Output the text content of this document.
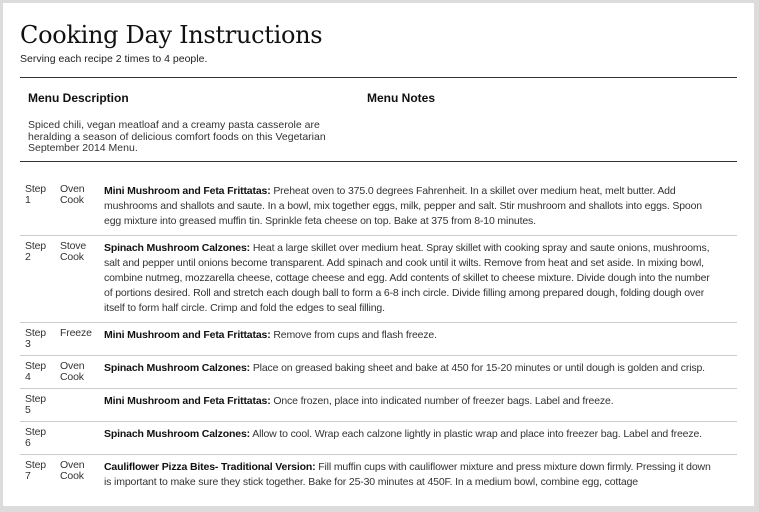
Cooking Day Instructions
Serving each recipe 2 times to 4 people.
Menu Description	Menu Notes
Spiced chili, vegan meatloaf and a creamy pasta casserole are heralding a season of delicious comfort foods on this Vegetarian September 2014 Menu.
Step
1
Oven Cook
Mini Mushroom and Feta Frittatas: Preheat oven to 375.0 degrees Fahrenheit. In a skillet over medium heat, melt butter. Add mushrooms and shallots and saute. In a bowl, mix together eggs, milk, pepper and salt. Stir mushroom and shallots into eggs. Spoon egg mixture into greased muffin tin. Sprinkle feta cheese on top. Bake at 375 from 8-10 minutes.
Step
2
Stove Cook
Spinach Mushroom Calzones: Heat a large skillet over medium heat. Spray skillet with cooking spray and saute onions, mushrooms, salt and pepper until onions become transparent. Add spinach and cook until it wilts. Remove from heat and set aside. In mixing bowl, combine nutmeg, mozzarella cheese, cottage cheese and egg. Add contents of skillet to cheese mixture. Divide dough into the number of portions desired. Roll and stretch each dough ball to form a 6-8 inch circle. Divide filling among prepared dough, folding dough over itself to form half circle. Crimp and fold the edges to seal filling.
Step
3
Freeze	Mini Mushroom and Feta Frittatas: Remove from cups and flash freeze.
Step
4
Oven Cook
Spinach Mushroom Calzones: Place on greased baking sheet and bake at 450 for 15-20 minutes or until dough is golden and crisp.
Step
5
Mini Mushroom and Feta Frittatas: Once frozen, place into indicated number of freezer bags. Label and freeze.
Step
6
Spinach Mushroom Calzones: Allow to cool. Wrap each calzone lightly in plastic wrap and place into freezer bag. Label and freeze.
Step
7
Oven Cook
Cauliflower Pizza Bites- Traditional Version: Fill muffin cups with cauliflower mixture and press mixture down firmly. Pressing it down is important to make sure they stick together. Bake for 25-30 minutes at 450F. In a medium bowl, combine egg, cottage
